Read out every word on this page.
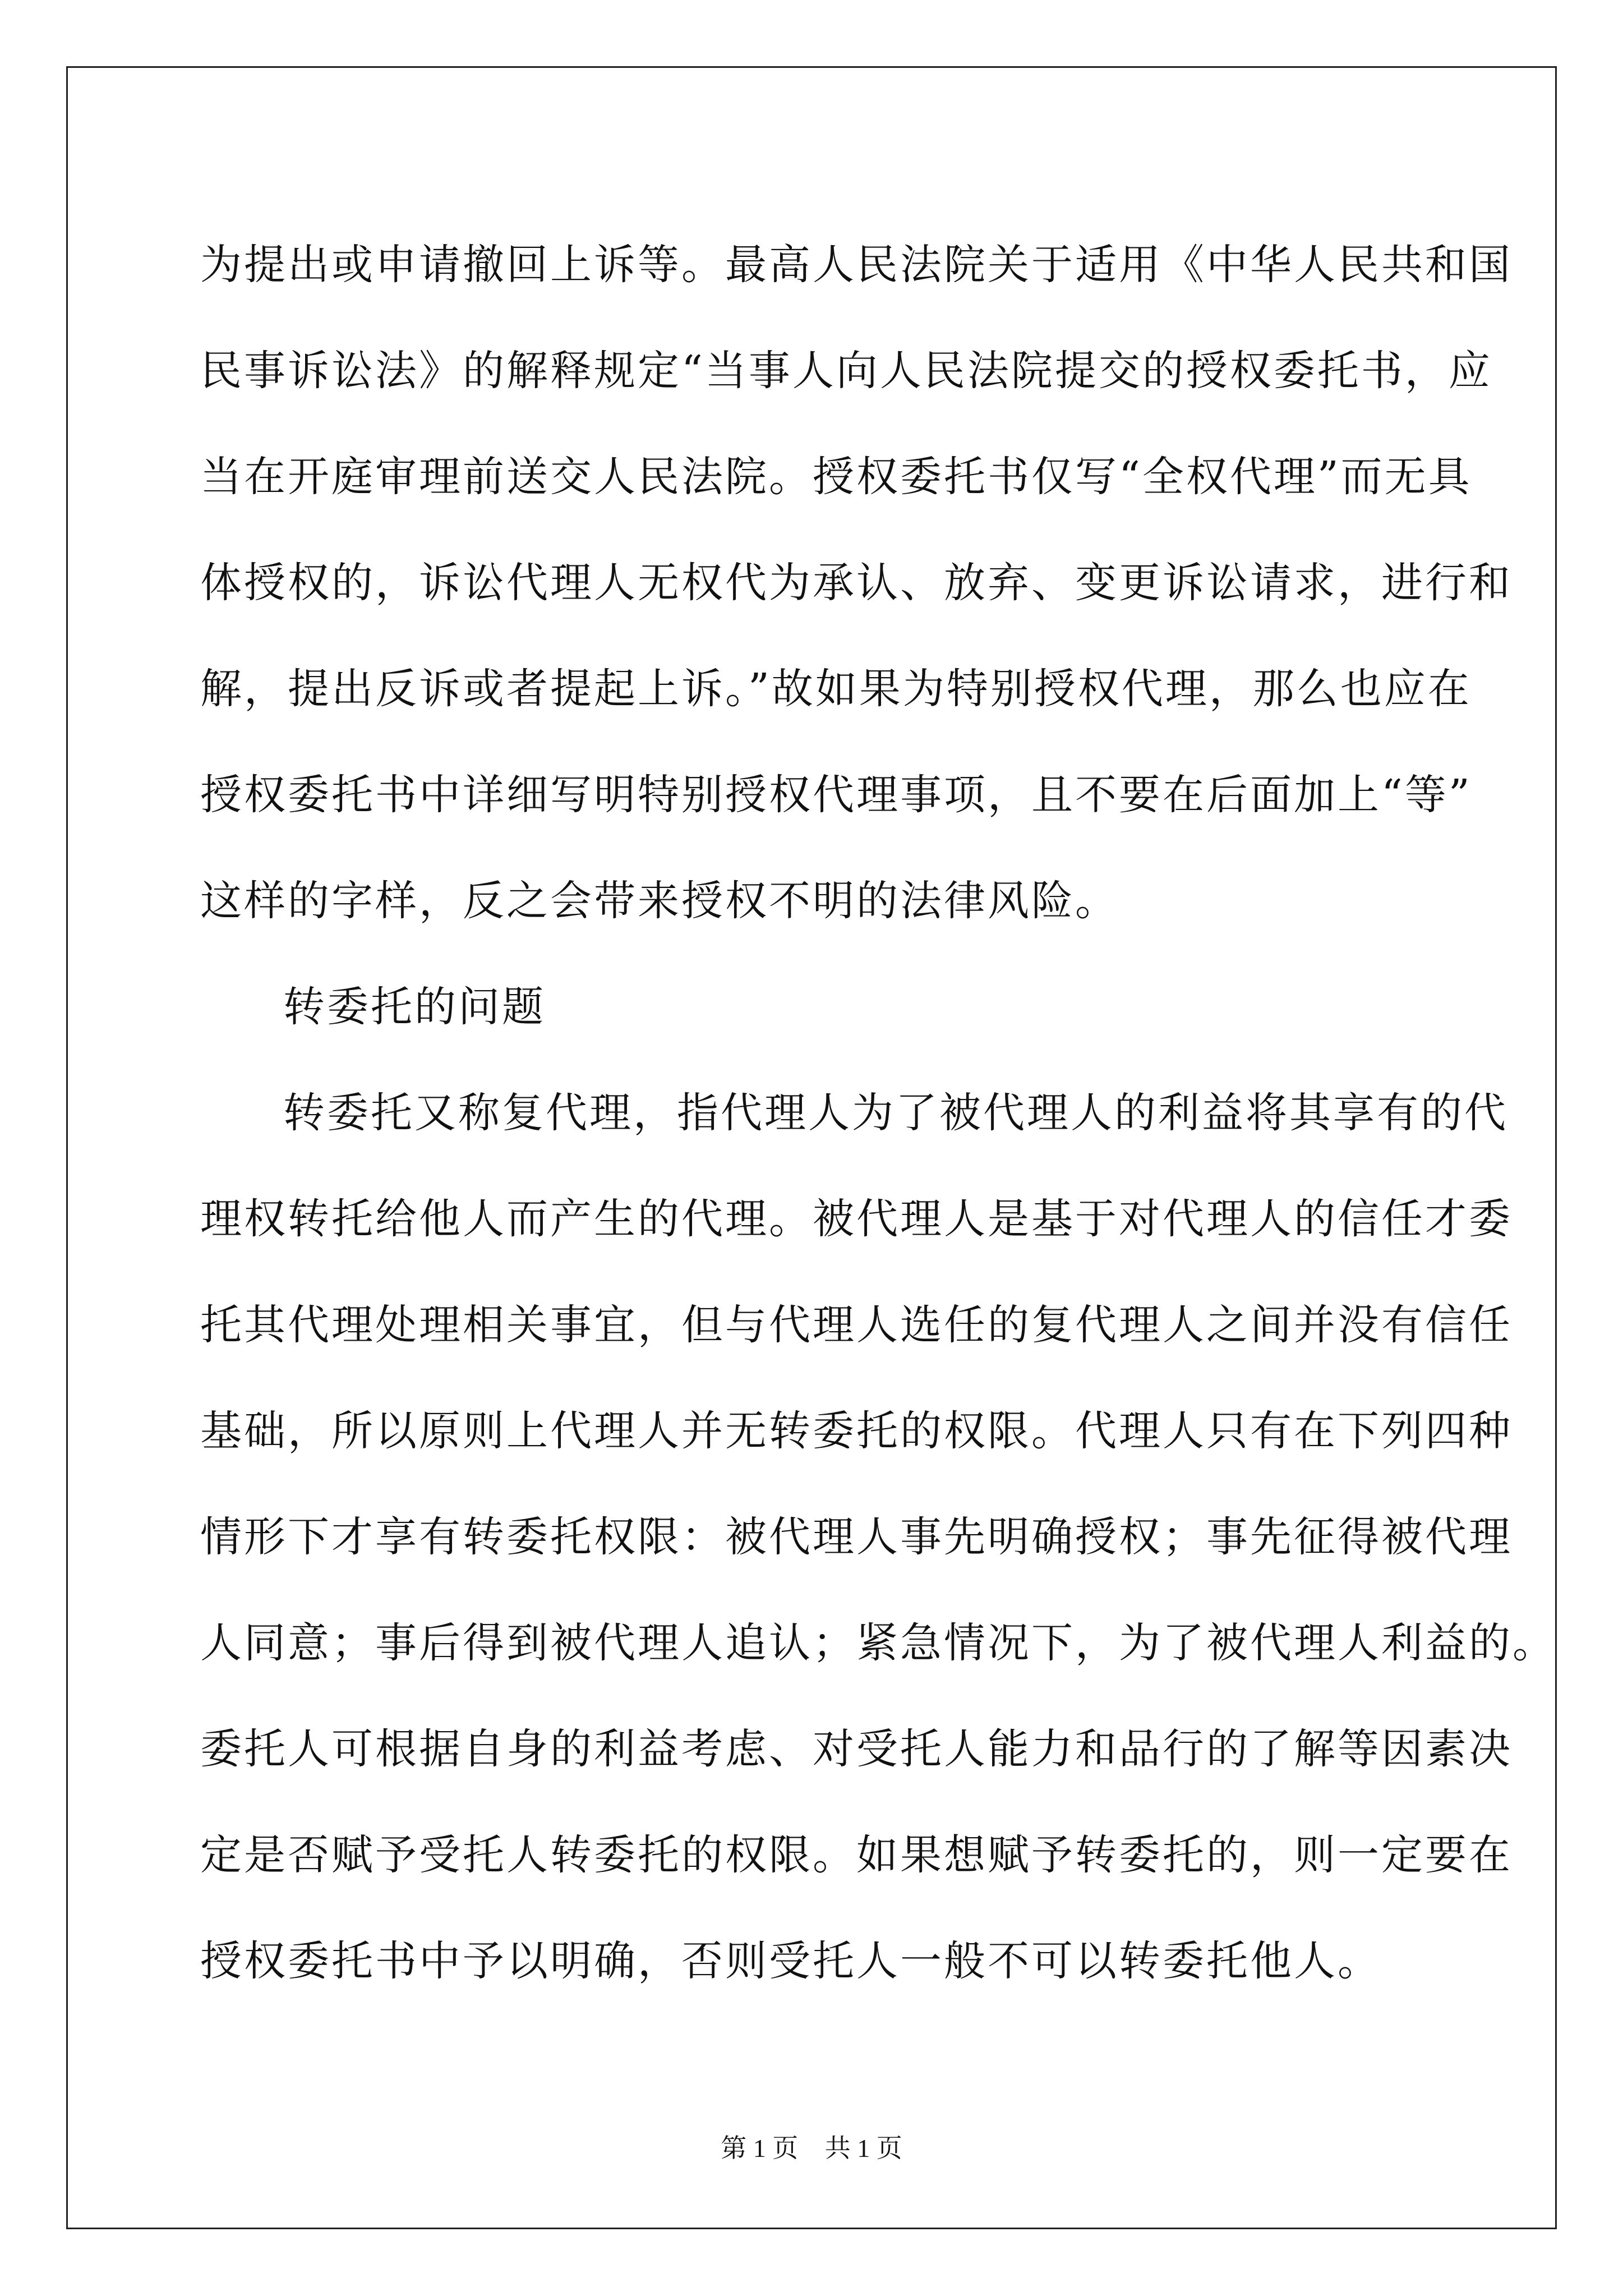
为提出或申请撤回上诉等。最高人民法院关于适用《中华人民共和国
民事诉讼法》的解释规定“当事人向人民法院提交的授权委托书，应
当在开庭审理前送交人民法院。授权委托书仅写“全权代理”而无具
体授权的，诉讼代理人无权代为承认、放弃、变更诉讼请求，进行和
解，提出反诉或者提起上诉。”故如果为特别授权代理，那么也应在
授权委托书中详细写明特别授权代理事项，且不要在后面加上“等”
这样的字样，反之会带来授权不明的法律风险。
转委托的问题
转委托又称复代理，指代理人为了被代理人的利益将其享有的代
理权转托给他人而产生的代理。被代理人是基于对代理人的信任才委
托其代理处理相关事宜，但与代理人选任的复代理人之间并没有信任
基础，所以原则上代理人并无转委托的权限。代理人只有在下列四种
情形下才享有转委托权限：被代理人事先明确授权；事先征得被代理
人同意；事后得到被代理人追认；紧急情况下，为了被代理人利益的。
委托人可根据自身的利益考虑、对受托人能力和品行的了解等因素决
定是否赋予受托人转委托的权限。如果想赋予转委托的，则一定要在
授权委托书中予以明确，否则受托人一般不可以转委托他人。
第 1 页 共 1 页
